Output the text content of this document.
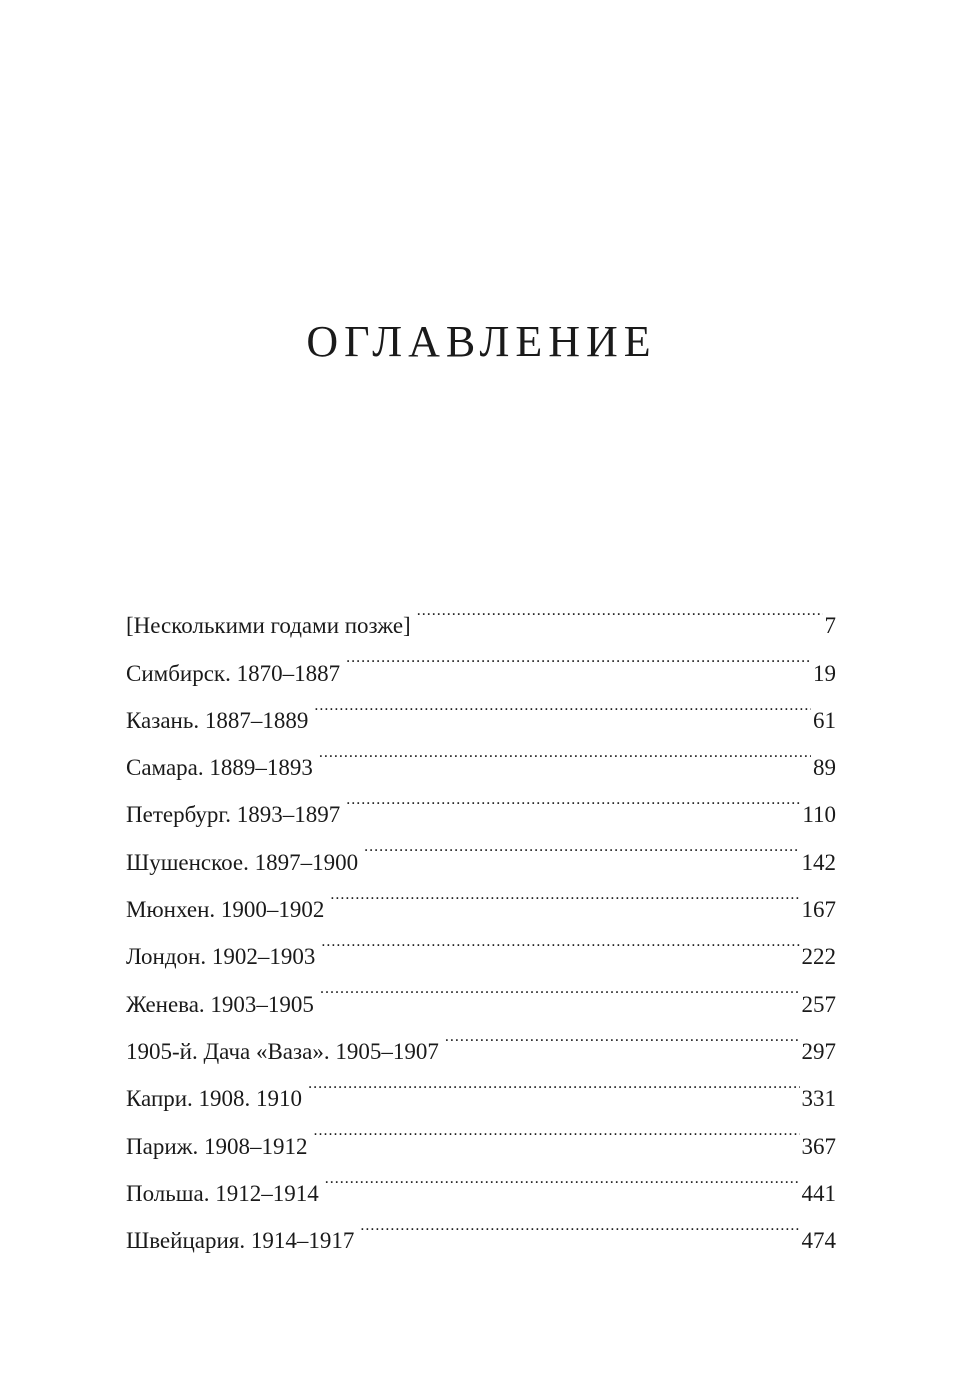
ОГЛАВЛЕНИЕ
[Несколькими годами позже] .....	7
Симбирск. 1870–1887 .....	19
Казань. 1887–1889 .....	61
Самара. 1889–1893 .....	89
Петербург. 1893–1897 .....	110
Шушенское. 1897–1900 .....	142
Мюнхен. 1900–1902 .....	167
Лондон. 1902–1903 .....	222
Женева. 1903–1905 .....	257
1905-й. Дача «Ваза». 1905–1907 .....	297
Капри. 1908. 1910 .....	331
Париж. 1908–1912 .....	367
Польша. 1912–1914 .....	441
Швейцария. 1914–1917 .....	474
